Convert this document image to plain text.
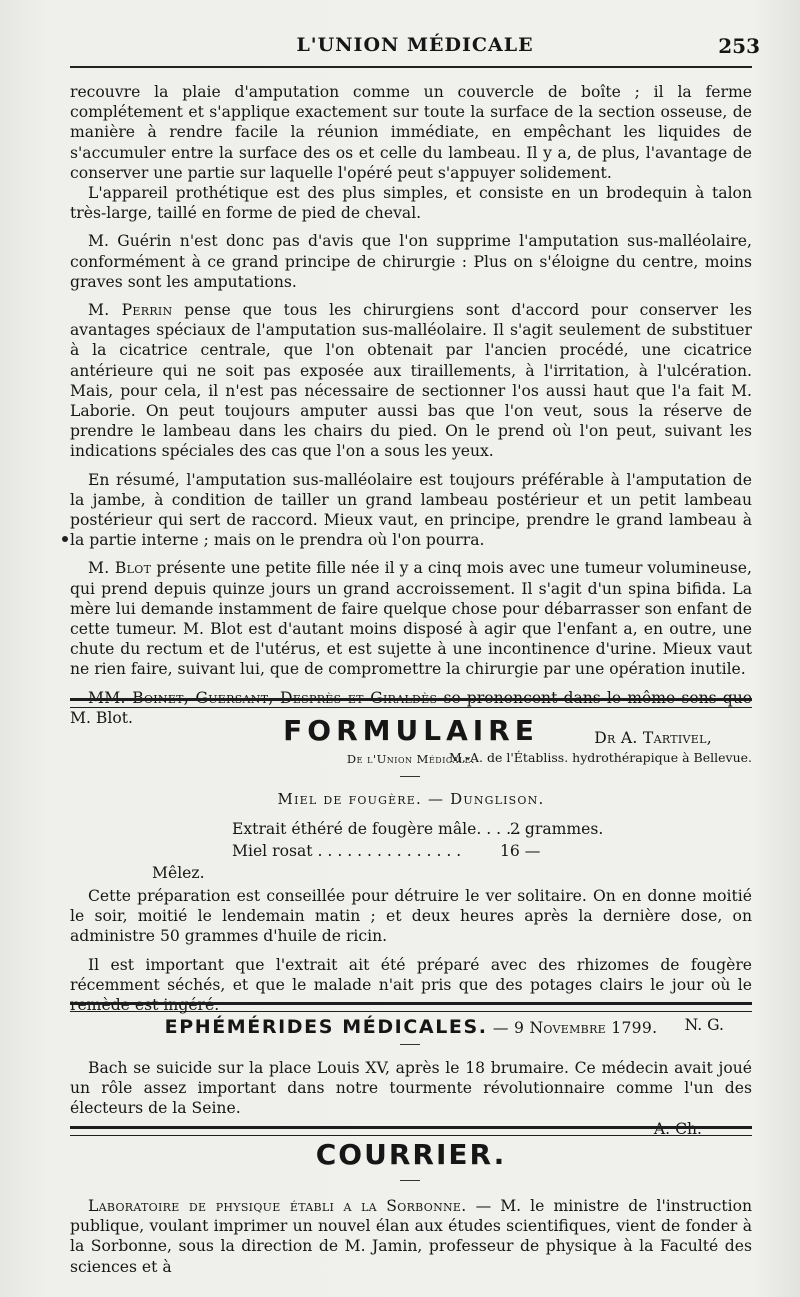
L'UNION MÉDICALE	253

recouvre la plaie d'amputation comme un couvercle de boîte ; il la ferme complétement et s'applique exactement sur toute la surface de la section osseuse, de manière à rendre facile la réunion immédiate, en empêchant les liquides de s'accumuler entre la surface des os et celle du lambeau. Il y a, de plus, l'avantage de conserver une partie sur laquelle l'opéré peut s'appuyer solidement.

L'appareil prothétique est des plus simples, et consiste en un brodequin à talon très-large, taillé en forme de pied de cheval.

M. Guérin n'est donc pas d'avis que l'on supprime l'amputation sus-malléolaire, conformément à ce grand principe de chirurgie : Plus on s'éloigne du centre, moins graves sont les amputations.

M. Perrin pense que tous les chirurgiens sont d'accord pour conserver les avantages spéciaux de l'amputation sus-malléolaire. Il s'agit seulement de substituer à la cicatrice centrale, que l'on obtenait par l'ancien procédé, une cicatrice antérieure qui ne soit pas exposée aux tiraillements, à l'irritation, à l'ulcération. Mais, pour cela, il n'est pas nécessaire de sectionner l'os aussi haut que l'a fait M. Laborie. On peut toujours amputer aussi bas que l'on veut, sous la réserve de prendre le lambeau dans les chairs du pied. On le prend où l'on peut, suivant les indications spéciales des cas que l'on a sous les yeux.

En résumé, l'amputation sus-malléolaire est toujours préférable à l'amputation de la jambe, à condition de tailler un grand lambeau postérieur et un petit lambeau postérieur qui sert de raccord. Mieux vaut, en principe, prendre le grand lambeau à la partie interne ; mais on le prendra où l'on pourra.

M. Blot présente une petite fille née il y a cinq mois avec une tumeur volumineuse, qui prend depuis quinze jours un grand accroissement. Il s'agit d'un spina bifida. La mère lui demande instamment de faire quelque chose pour débarrasser son enfant de cette tumeur. M. Blot est d'autant moins disposé à agir que l'enfant a, en outre, une chute du rectum et de l'utérus, et est sujette à une incontinence d'urine. Mieux vaut ne rien faire, suivant lui, que de compromettre la chirurgie par une opération inutile.

MM. Boinet, Guersant, Desprès et Giraldès se prononcent dans le même sens que M. Blot.

Dr A. Tartivel,

M.-A. de l'Établiss. hydrothérapique à Bellevue.

FORMULAIRE
De l'Union Médicale.
Miel de fougère. — Dunglison.
Extrait éthéré de fougère mâle. . . . . .
2 grammes.
Miel rosat . . . . . . . . . . . . . . . 16 —
Mêlez.

Cette préparation est conseillée pour détruire le ver solitaire. On en donne moitié le soir, moitié le lendemain matin ; et deux heures après la dernière dose, on administre 50 grammes d'huile de ricin.

Il est important que l'extrait ait été préparé avec des rhizomes de fougère récemment séchés, et que le malade n'ait pris que des potages clairs le jour où le remède est ingéré.

N. G.

EPHÉMÉRIDES MÉDICALES. — 9 Novembre 1799.

Bach se suicide sur la place Louis XV, après le 18 brumaire. Ce médecin avait joué un rôle assez important dans notre tourmente révolutionnaire comme l'un des électeurs de la Seine.

A. Ch.

COURRIER.

Laboratoire de physique établi a la Sorbonne. — M. le ministre de l'instruction publique, voulant imprimer un nouvel élan aux études scientifiques, vient de fonder à la Sorbonne, sous la direction de M. Jamin, professeur de physique à la Faculté des sciences et à
